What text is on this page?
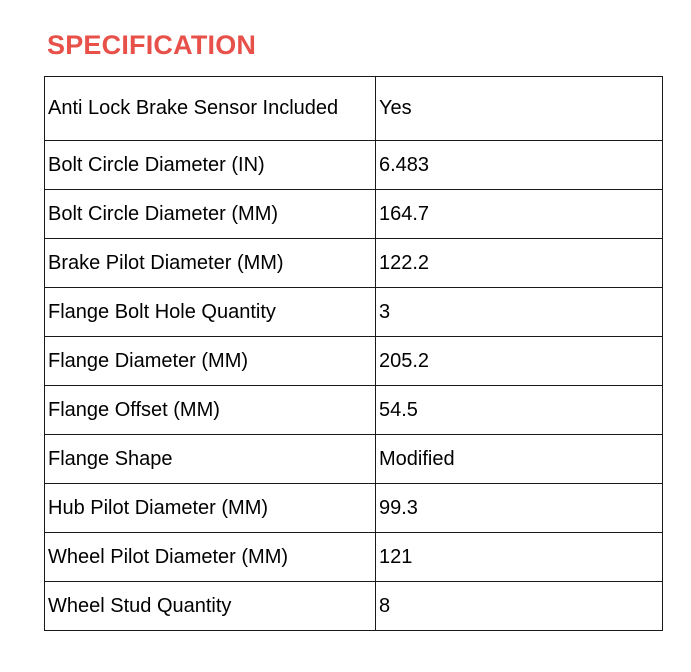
SPECIFICATION
Anti Lock Brake Sensor Included	Yes
Bolt Circle Diameter (IN)	6.483
Bolt Circle Diameter (MM)	164.7
Brake Pilot Diameter (MM)	122.2
Flange Bolt Hole Quantity	3
Flange Diameter (MM)	205.2
Flange Offset (MM)	54.5
Flange Shape	Modified
Hub Pilot Diameter (MM)	99.3
Wheel Pilot Diameter (MM)	121
Wheel Stud Quantity	8
